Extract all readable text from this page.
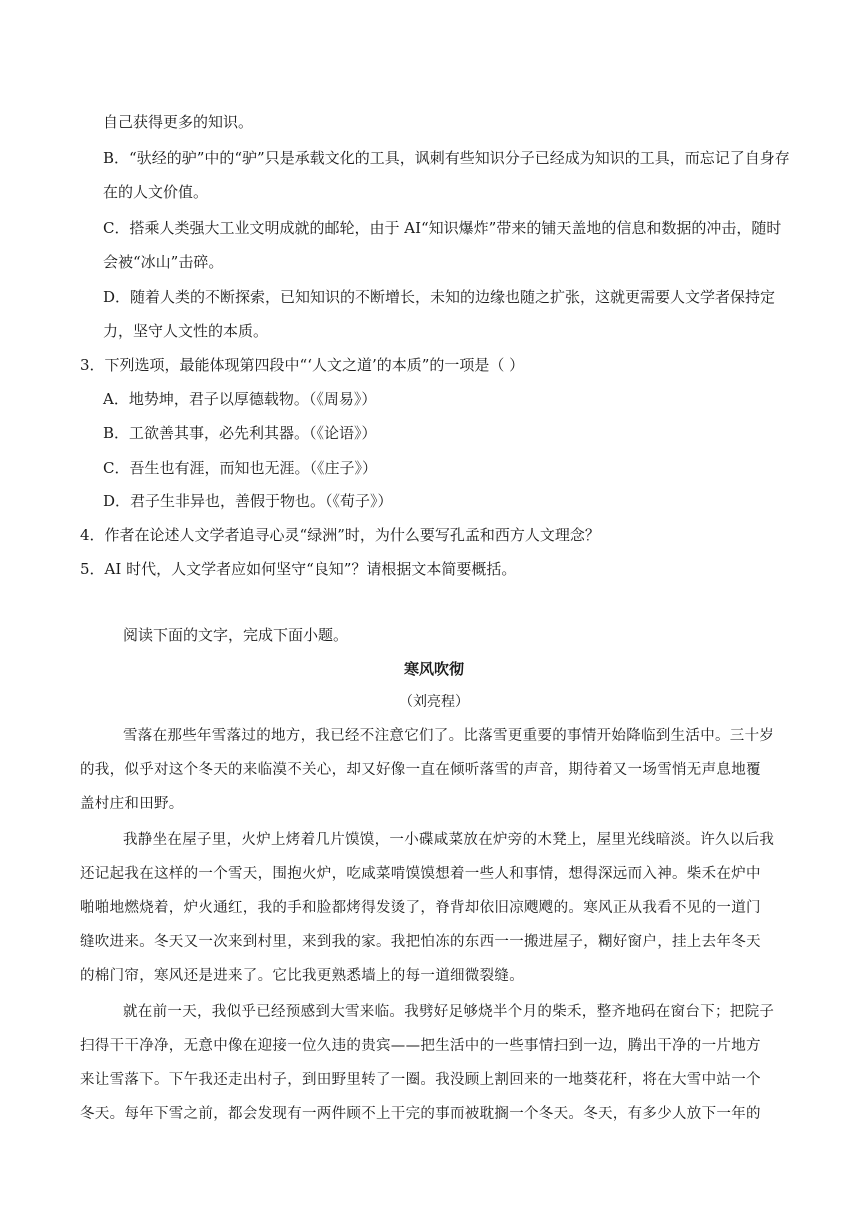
自己获得更多的知识。
B．“驮经的驴”中的“驴”只是承载文化的工具，讽刺有些知识分子已经成为知识的工具，而忘记了自身存
在的人文价值。
C．搭乘人类强大工业文明成就的邮轮，由于 AI“知识爆炸”带来的铺天盖地的信息和数据的冲击，随时
会被“冰山”击碎。
D．随着人类的不断探索，已知知识的不断增长，未知的边缘也随之扩张，这就更需要人文学者保持定
力，坚守人文性的本质。
3．下列选项，最能体现第四段中“‘人文之道’的本质”的一项是（ ）
A．地势坤，君子以厚德载物。（《周易》）
B．工欲善其事，必先利其器。（《论语》）
C．吾生也有涯，而知也无涯。（《庄子》）
D．君子生非异也，善假于物也。（《荀子》）
4．作者在论述人文学者追寻心灵“绿洲”时，为什么要写孔孟和西方人文理念？
5．AI 时代，人文学者应如何坚守“良知”？请根据文本简要概括。
阅读下面的文字，完成下面小题。
寒风吹彻
（刘亮程）
雪落在那些年雪落过的地方，我已经不注意它们了。比落雪更重要的事情开始降临到生活中。三十岁
的我，似乎对这个冬天的来临漠不关心，却又好像一直在倾听落雪的声音，期待着又一场雪悄无声息地覆
盖村庄和田野。
我静坐在屋子里，火炉上烤着几片馍馍，一小碟咸菜放在炉旁的木凳上，屋里光线暗淡。许久以后我
还记起我在这样的一个雪天，围抱火炉，吃咸菜啃馍馍想着一些人和事情，想得深远而入神。柴禾在炉中
啪啪地燃烧着，炉火通红，我的手和脸都烤得发烫了，脊背却依旧凉飕飕的。寒风正从我看不见的一道门
缝吹进来。冬天又一次来到村里，来到我的家。我把怕冻的东西一一搬进屋子，糊好窗户，挂上去年冬天
的棉门帘，寒风还是进来了。它比我更熟悉墙上的每一道细微裂缝。
就在前一天，我似乎已经预感到大雪来临。我劈好足够烧半个月的柴禾，整齐地码在窗台下；把院子
扫得干干净净，无意中像在迎接一位久违的贵宾——把生活中的一些事情扫到一边，腾出干净的一片地方
来让雪落下。下午我还走出村子，到田野里转了一圈。我没顾上割回来的一地葵花秆，将在大雪中站一个
冬天。每年下雪之前，都会发现有一两件顾不上干完的事而被耽搁一个冬天。冬天，有多少人放下一年的
